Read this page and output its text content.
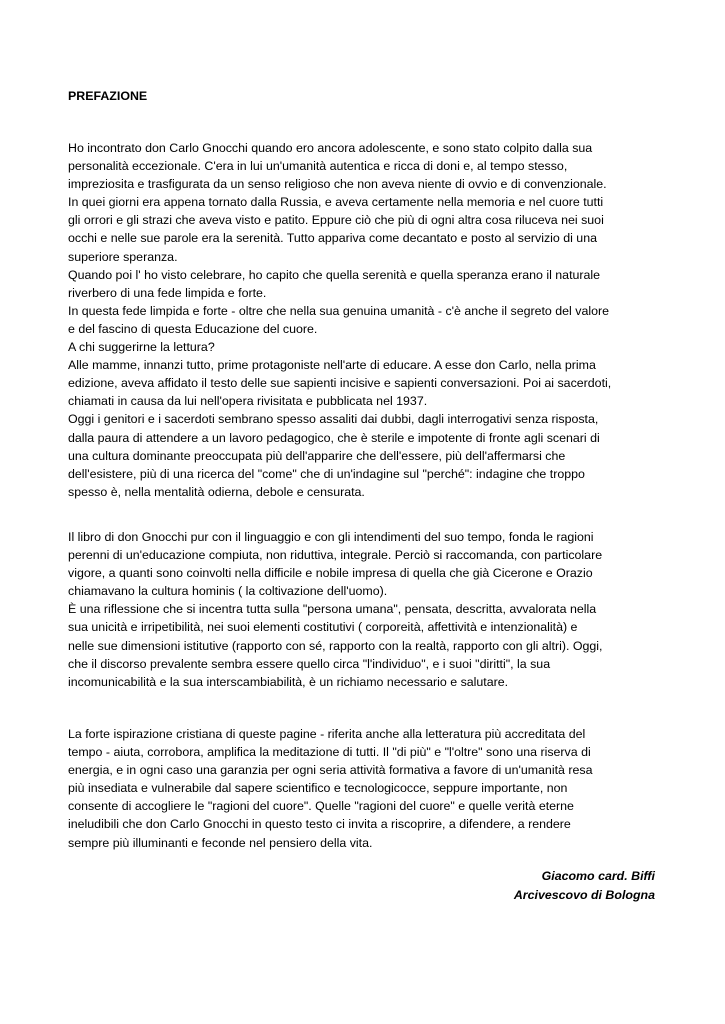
PREFAZIONE
Ho incontrato don Carlo Gnocchi quando ero ancora adolescente, e sono stato colpito dalla sua
personalità eccezionale. C'era in lui un'umanità autentica e ricca di doni e, al tempo stesso,
impreziosita e trasfigurata da un senso religioso che non aveva niente di ovvio e di convenzionale.
In quei giorni era appena tornato dalla Russia, e aveva certamente nella memoria e nel cuore tutti
gli orrori e gli strazi che aveva visto e patito. Eppure ciò che più di ogni altra cosa riluceva nei suoi
occhi e nelle sue parole era la serenità. Tutto appariva come decantato e posto al servizio di una
superiore speranza.
Quando poi l' ho visto celebrare, ho capito che quella serenità e quella speranza erano il naturale
riverbero di una fede limpida e forte.
In questa fede limpida e forte - oltre che nella sua genuina umanità - c'è anche il segreto del valore
e del fascino di questa Educazione del cuore.
A chi suggerirne la lettura?
Alle mamme, innanzi tutto, prime protagoniste nell'arte di educare. A esse don Carlo, nella prima
edizione, aveva affidato il testo delle sue sapienti incisive e sapienti conversazioni. Poi ai sacerdoti,
chiamati in causa da lui nell'opera rivisitata e pubblicata nel 1937.
Oggi i genitori e i sacerdoti sembrano spesso assaliti dai dubbi, dagli interrogativi senza risposta,
dalla paura di attendere a un lavoro pedagogico, che è sterile e impotente di fronte agli scenari di
una cultura dominante preoccupata più dell'apparire che dell'essere, più dell'affermarsi che
dell'esistere, più di una ricerca del "come" che di un'indagine sul "perché": indagine che troppo
spesso è, nella mentalità odierna, debole e censurata.
Il libro di don Gnocchi pur con il linguaggio e con gli intendimenti del suo tempo, fonda le ragioni
perenni di un'educazione compiuta, non riduttiva, integrale. Perciò si raccomanda, con particolare
vigore, a quanti sono coinvolti nella difficile e nobile impresa di quella che già Cicerone e Orazio
chiamavano la cultura hominis ( la coltivazione dell'uomo).
È una riflessione che si incentra tutta sulla "persona umana", pensata, descritta, avvalorata nella
sua unicità e irripetibilità, nei suoi elementi costitutivi ( corporeità, affettività e intenzionalità) e
nelle sue dimensioni istitutive (rapporto con sé, rapporto con la realtà, rapporto con gli altri). Oggi,
che il discorso prevalente sembra essere quello circa "l'individuo", e i suoi "diritti", la sua
incomunicabilità e la sua interscambiabilità, è un richiamo necessario e salutare.
La forte ispirazione cristiana di queste pagine - riferita anche alla letteratura più accreditata del
tempo - aiuta, corrobora, amplifica la meditazione di tutti. Il "di più" e "l'oltre" sono una riserva di
energia, e in ogni caso una garanzia per ogni seria attività formativa a favore di un'umanità resa
più insediata e vulnerabile dal sapere scientifico e tecnologicocce, seppure importante, non
consente di accogliere le "ragioni del cuore". Quelle "ragioni del cuore" e quelle verità eterne
ineludibili che don Carlo Gnocchi in questo testo ci invita a riscoprire, a difendere, a rendere
sempre più illuminanti e feconde nel pensiero della vita.
Giacomo card. Biffi
Arcivescovo di Bologna
